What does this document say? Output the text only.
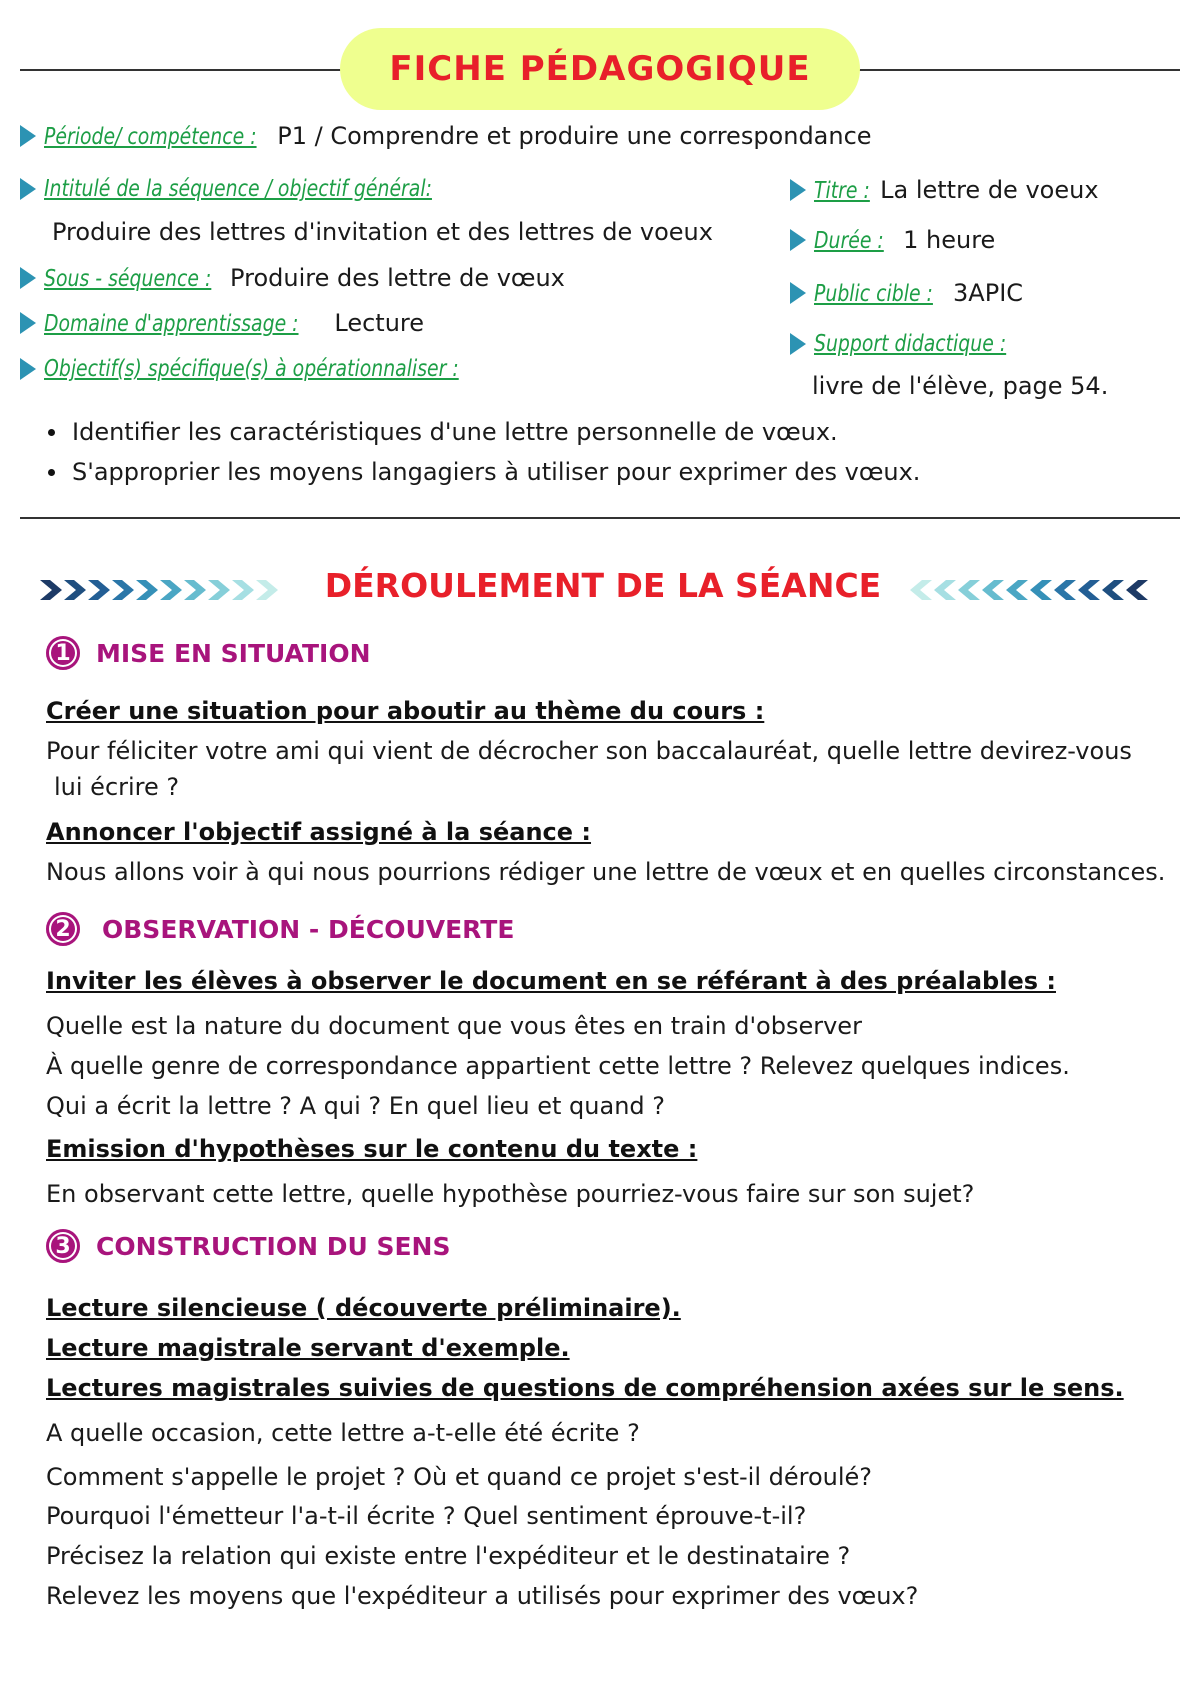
FICHE PÉDAGOGIQUE
Période/ compétence : P1 / Comprendre et produire une correspondance
Intitulé de la séquence / objectif général:
Produire des lettres d'invitation et des lettres de voeux
Sous - séquence : Produire des lettre de vœux
Domaine d'apprentissage : Lecture
Objectif(s) spécifique(s) à opérationnaliser :
Identifier les caractéristiques d'une lettre personnelle de vœux.
S'approprier les moyens langagiers à utiliser pour exprimer des vœux.
Titre : La lettre de voeux
Durée : 1 heure
Public cible : 3APIC
Support didactique :
livre de l'élève, page 54.
DÉROULEMENT DE LA SÉANCE
1	MISE EN SITUATION
Créer une situation pour aboutir au thème du cours :
Pour féliciter votre ami qui vient de décrocher son baccalauréat, quelle lettre devirez-vous
lui écrire ?
Annoncer l'objectif assigné à la séance :
Nous allons voir à qui nous pourrions rédiger une lettre de vœux et en quelles circonstances.
2	OBSERVATION - DÉCOUVERTE
Inviter les élèves à observer le document en se référant à des préalables :
Quelle est la nature du document que vous êtes en train d'observer
À quelle genre de correspondance appartient cette lettre ? Relevez quelques indices.
Qui a écrit la lettre ? A qui ? En quel lieu et quand ?
Emission d'hypothèses sur le contenu du texte :
En observant cette lettre, quelle hypothèse pourriez-vous faire sur son sujet?
3	CONSTRUCTION DU SENS
Lecture silencieuse ( découverte préliminaire).
Lecture magistrale servant d'exemple.
Lectures magistrales suivies de questions de compréhension axées sur le sens.
A quelle occasion, cette lettre a-t-elle été écrite ?
Comment s'appelle le projet ? Où et quand ce projet s'est-il déroulé?
Pourquoi l'émetteur l'a-t-il écrite ? Quel sentiment éprouve-t-il?
Précisez la relation qui existe entre l'expéditeur et le destinataire ?
Relevez les moyens que l'expéditeur a utilisés pour exprimer des vœux?
